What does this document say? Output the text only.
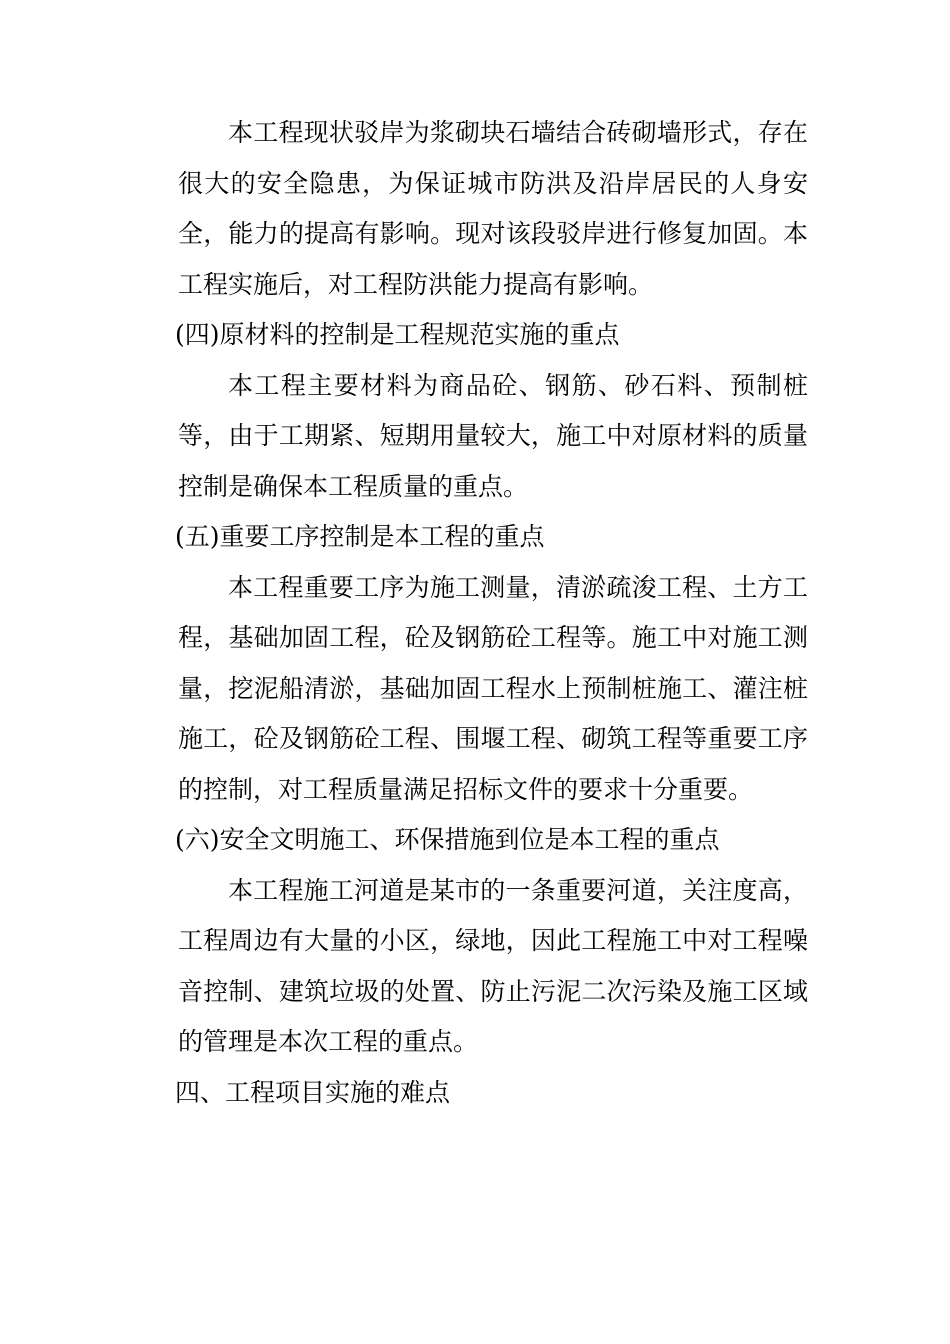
本工程现状驳岸为浆砌块石墙结合砖砌墙形式，存在很大的安全隐患，为保证城市防洪及沿岸居民的人身安全，能力的提高有影响。现对该段驳岸进行修复加固。本工程实施后，对工程防洪能力提高有影响。

(四)原材料的控制是工程规范实施的重点

本工程主要材料为商品砼、钢筋、砂石料、预制桩等，由于工期紧、短期用量较大，施工中对原材料的质量控制是确保本工程质量的重点。

(五)重要工序控制是本工程的重点

本工程重要工序为施工测量，清淤疏浚工程、土方工程，基础加固工程，砼及钢筋砼工程等。施工中对施工测量，挖泥船清淤，基础加固工程水上预制桩施工、灌注桩施工，砼及钢筋砼工程、围堰工程、砌筑工程等重要工序的控制，对工程质量满足招标文件的要求十分重要。

(六)安全文明施工、环保措施到位是本工程的重点

本工程施工河道是某市的一条重要河道，关注度高，工程周边有大量的小区，绿地，因此工程施工中对工程噪音控制、建筑垃圾的处置、防止污泥二次污染及施工区域的管理是本次工程的重点。

四、工程项目实施的难点
